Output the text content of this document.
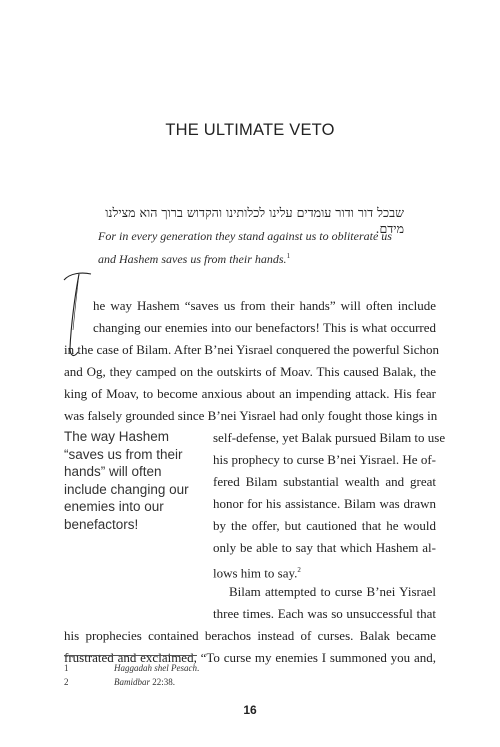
THE ULTIMATE VETO
שבכל דור ודור עומדים עלינו לכלותינו והקדוש ברוך הוא מצילנו מידם.
For in every generation they stand against us to obliterate us
and Hashem saves us from their hands.$^1$
T
he way Hashem “saves us from their hands” will often include
changing our enemies into our benefactors! This is what occurred
in the case of Bilam. After B’nei Yisrael conquered the powerful Sichon
and Og, they camped on the outskirts of Moav. This caused Balak, the
king of Moav, to become anxious about an impending attack. His fear
was falsely grounded since B’nei Yisrael had only fought those kings in
self-defense, yet Balak pursued Bilam to use
his prophecy to curse B’nei Yisrael. He of-
fered Bilam substantial wealth and great
honor for his assistance. Bilam was drawn
by the offer, but cautioned that he would
only be able to say that which Hashem al-
lows him to say.$^2$
Bilam attempted to curse B’nei Yisrael
three times. Each was so unsuccessful that
his prophecies contained berachos instead of curses. Balak became
frustrated and exclaimed, “To curse my enemies I summoned you and,
The way Hashem “saves us from their hands” will often include changing our enemies into our benefactors!
1	Haggadah shel Pesach.
2	Bamidbar 22:38.
16
